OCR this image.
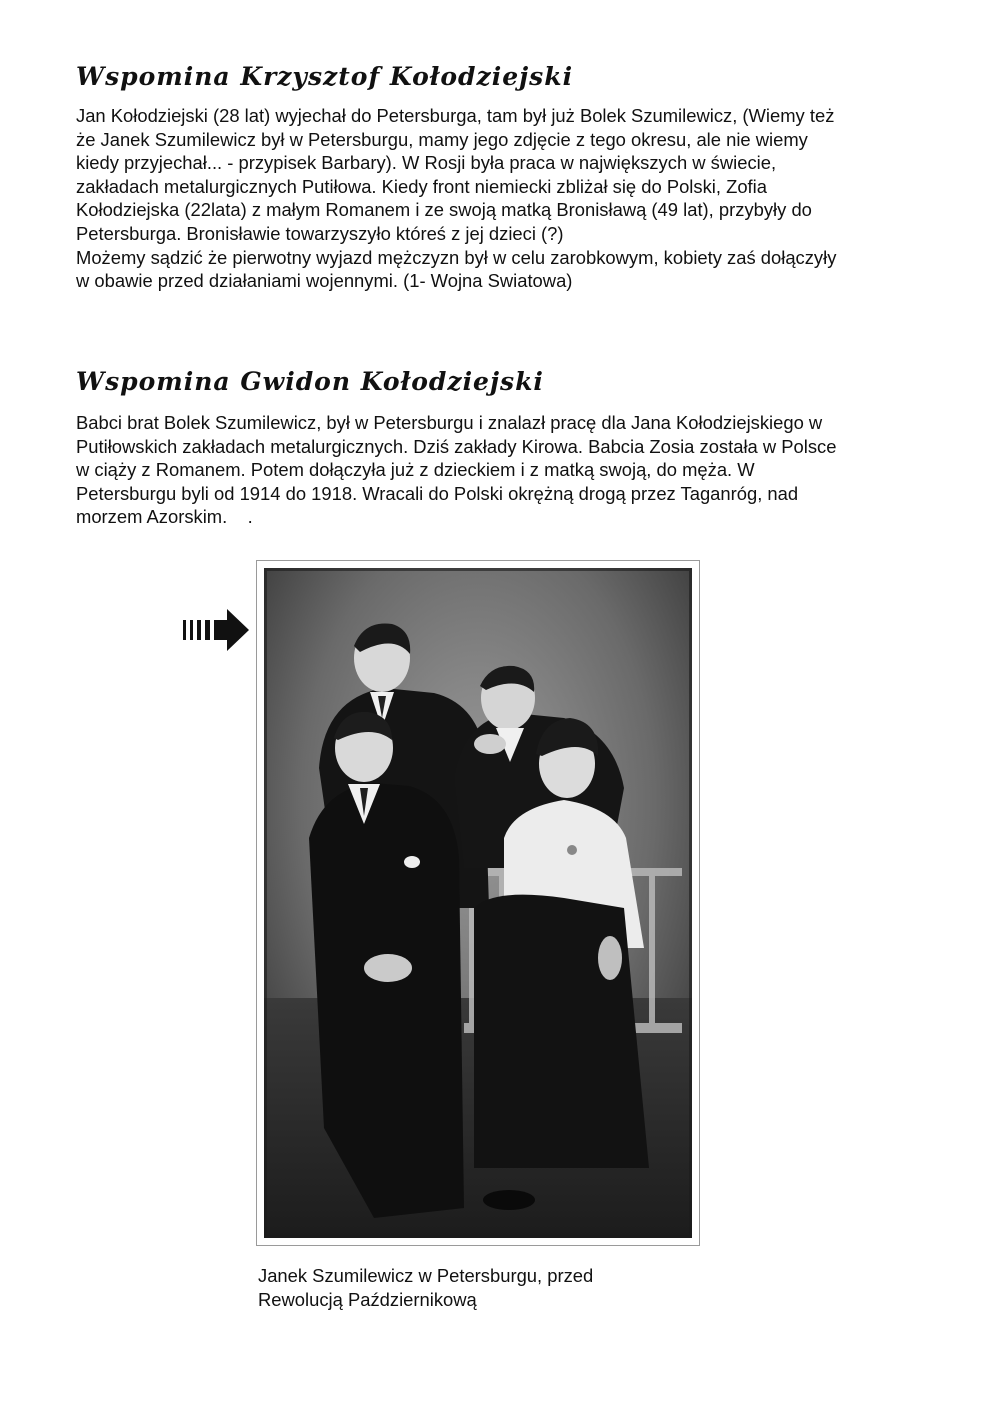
Wspomina Krzysztof Kołodziejski

Jan Kołodziejski (28 lat) wyjechał do Petersburga, tam był już Bolek Szumilewicz, (Wiemy też
że Janek Szumilewicz był w Petersburgu, mamy jego zdjęcie z tego okresu, ale nie wiemy
kiedy przyjechał... - przypisek Barbary). W Rosji była praca w największych w świecie,
zakładach metalurgicznych Putiłowa. Kiedy front niemiecki zbliżał się do Polski, Zofia
Kołodziejska (22lata) z małym Romanem i ze swoją matką Bronisławą (49 lat), przybyły do
Petersburga. Bronisławie towarzyszyło któreś z jej dzieci (?)
Możemy sądzić że pierwotny wyjazd mężczyzn był w celu zarobkowym, kobiety zaś dołączyły
w obawie przed działaniami wojennymi. (1- Wojna Swiatowa)

Wspomina Gwidon Kołodziejski

Babci brat Bolek Szumilewicz, był w Petersburgu i znalazł pracę dla Jana Kołodziejskiego w
Putiłowskich zakładach metalurgicznych. Dziś zakłady Kirowa. Babcia Zosia została w Polsce
w ciąży z Romanem. Potem dołączyła już z dzieckiem i z matką swoją, do męża. W
Petersburgu byli od 1914 do 1918. Wracali do Polski okrężną drogą przez Taganróg, nad
morzem Azorskim.    .

Janek Szumilewicz w Petersburgu, przed
Rewolucją Październikową
